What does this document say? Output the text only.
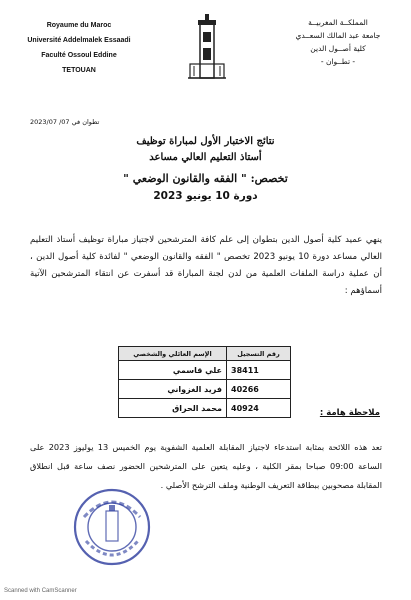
Royaume du Maroc
Université Addelmalek Essaadi
Faculté Ossoul Eddine
TETOUAN
المملكــة المغربيــة
جامعة عبد المالك السعــدي
كلية أصــول الدين
- تطــوان -
تطوان في 07/ 2023/07
نتائج الاختبار الأول لمباراة توظيف
أستاذ التعليم العالي مساعد
تخصص: " الفقه والقانون الوضعي "
دورة 10 يونيو 2023
ينهي عميد كلية أصول الدين بتطوان إلى علم كافة المترشحين لاجتياز مباراة توظيف أستاذ التعليم العالي مساعد دورة 10 يونيو 2023 تخصص " الفقه والقانون الوضعي " لفائدة كلية أصول الدين ، أن عملية دراسة الملفات العلمية من لدن لجنة المباراة قد أسفرت عن انتقاء المترشحين الآتية أسماؤهم :
رقم التسجيل	الإسم العائلي والشخصي
38411	علي قاسمي
40266	فريد الغزواني
40924	محمد الحراق	ملاحظة هامة :
تعد هذه اللائحة بمثابة استدعاء لاجتياز المقابلة العلمية الشفوية يوم الخميس 13 يوليوز 2023 على الساعة 09:00 صباحا بمقر الكلية ، وعليه يتعين على المترشحين الحضور نصف ساعة قبل انطلاق المقابلة مصحوبين ببطاقة التعريف الوطنية وملف الترشح الأصلي .
Scanned with CamScanner
